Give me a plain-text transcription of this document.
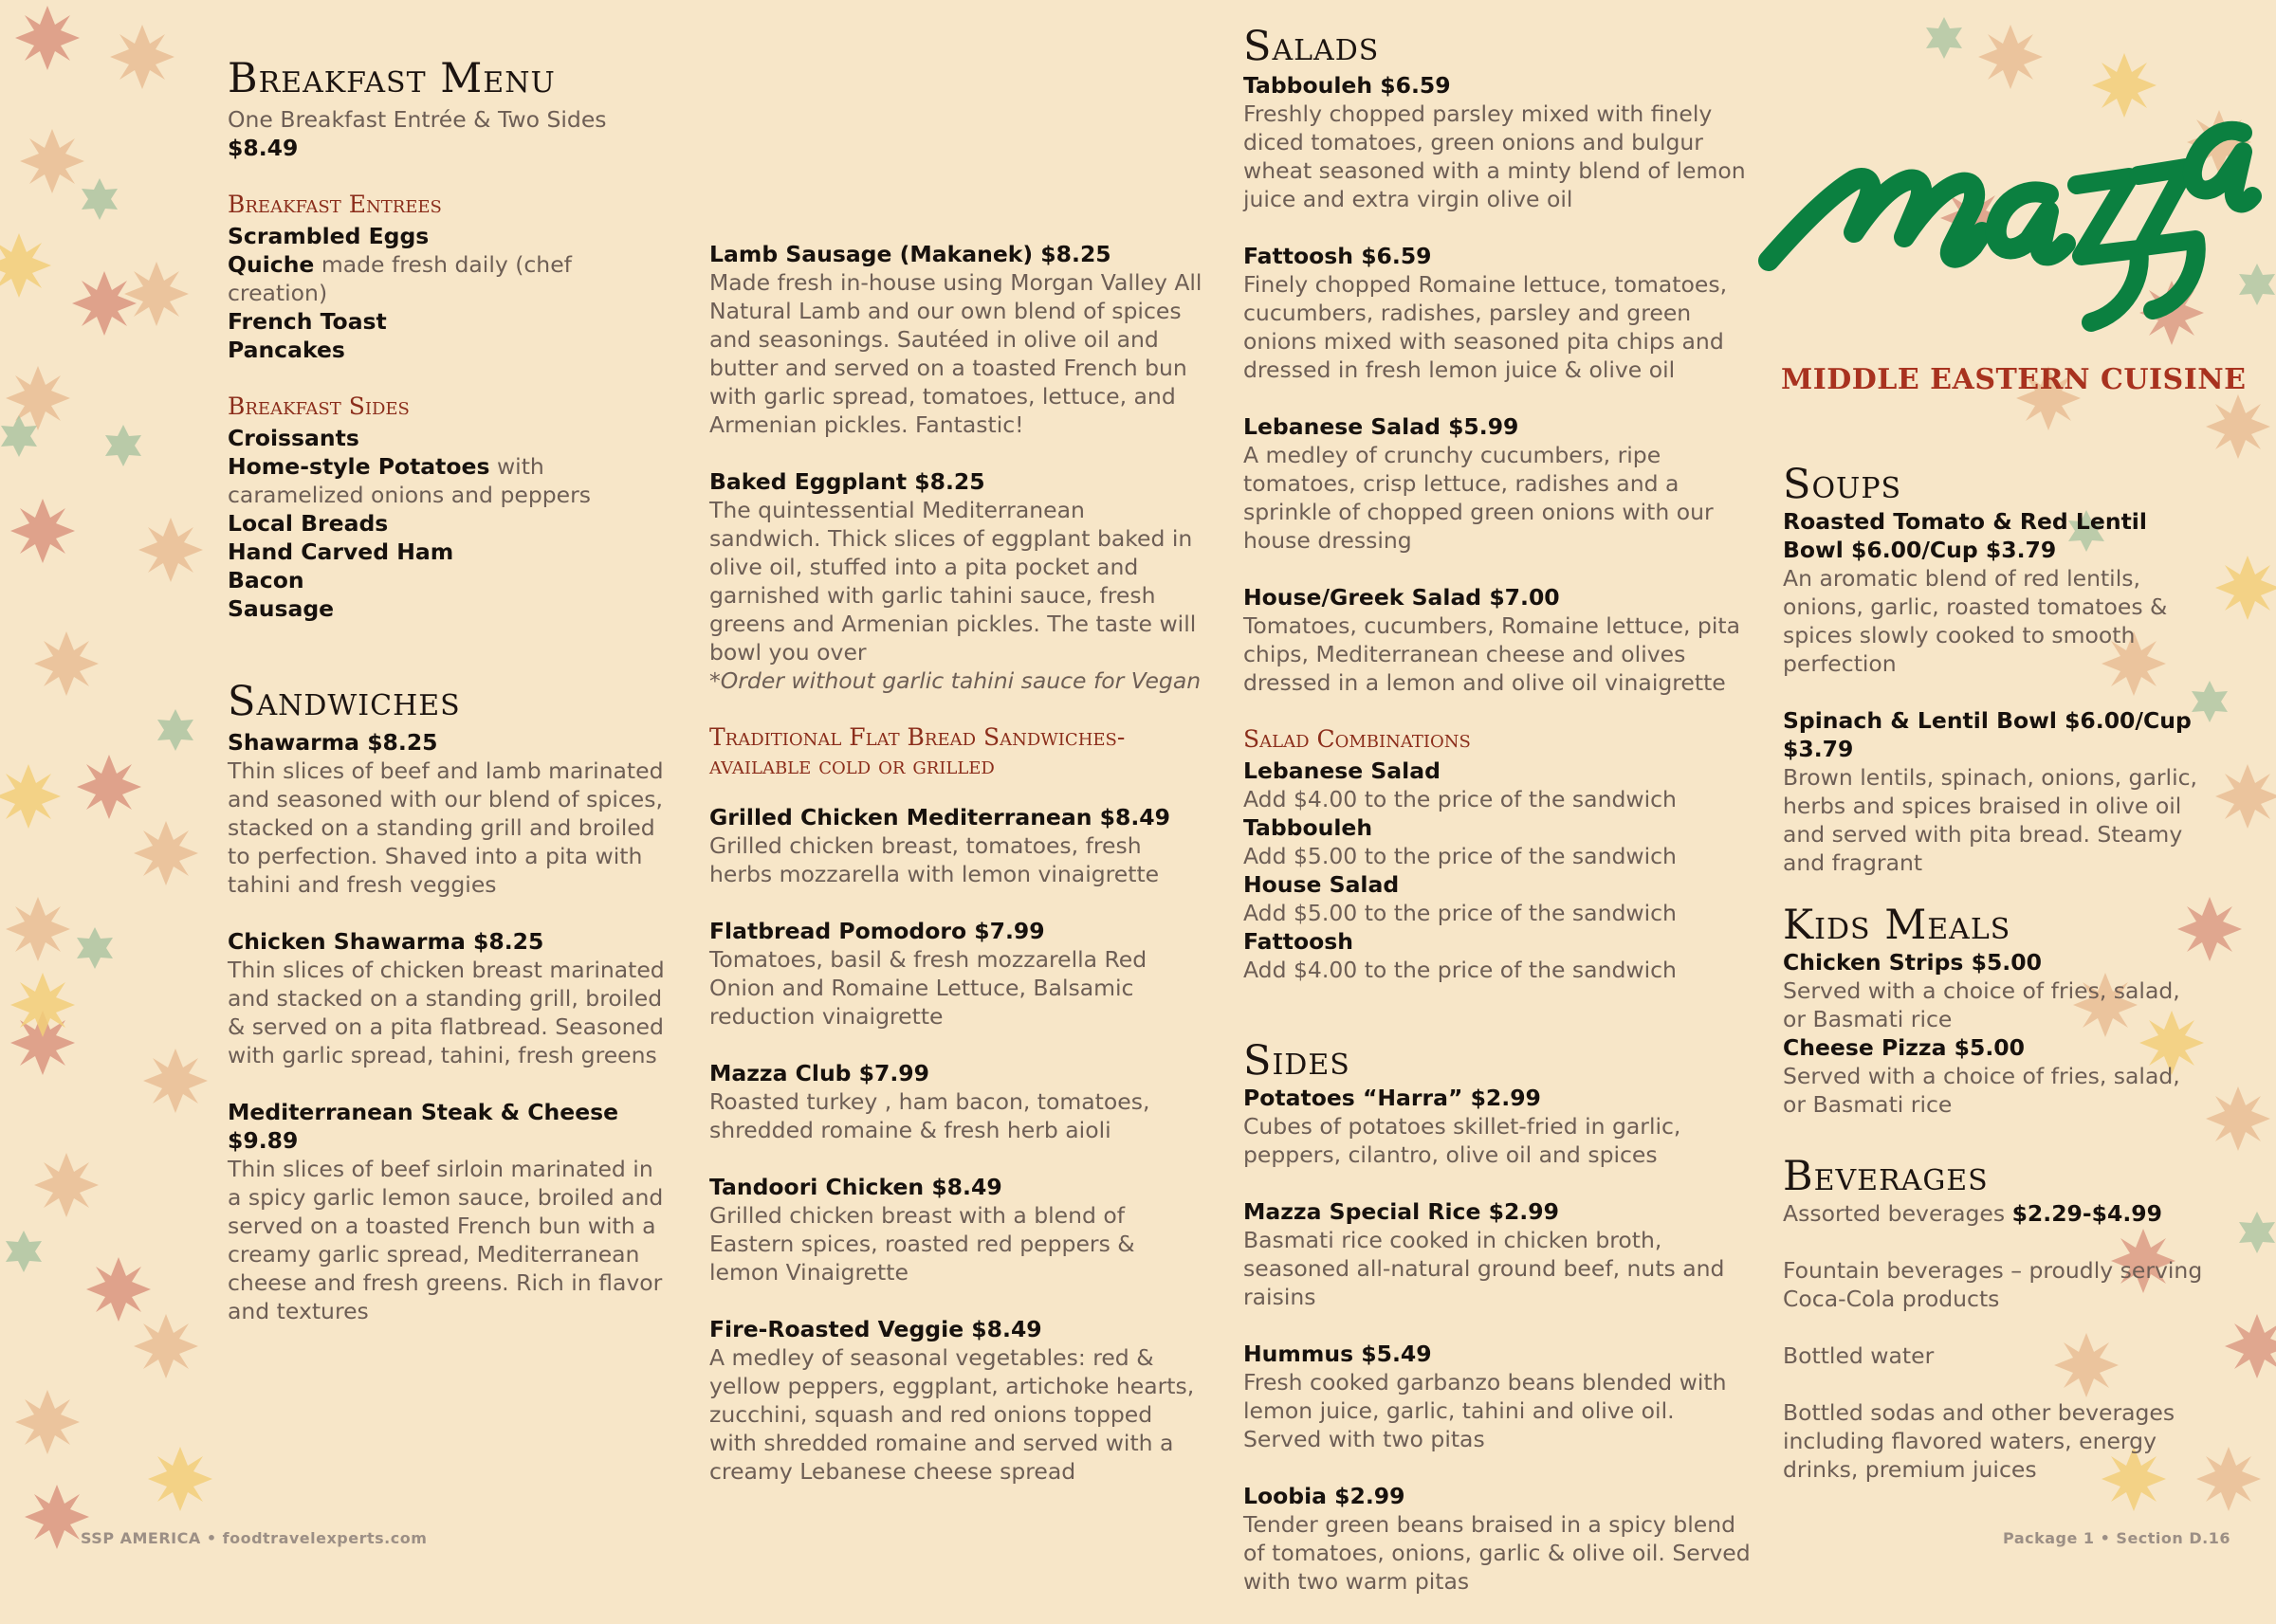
MIDDLE EASTERN CUISINE
Breakfast Menu
One Breakfast Entrée & Two Sides $8.49
Breakfast Entrees
Scrambled Eggs
Quiche made fresh daily (chef creation)
French Toast
Pancakes
Breakfast Sides
Croissants
Home-style Potatoes with caramelized onions and peppers
Local Breads
Hand Carved Ham
Bacon
Sausage
Sandwiches
Shawarma $8.25
Thin slices of beef and lamb marinated and seasoned with our blend of spices, stacked on a standing grill and broiled to perfection. Shaved into a pita with tahini and fresh veggies
Chicken Shawarma $8.25
Thin slices of chicken breast marinated and stacked on a standing grill, broiled & served on a pita flatbread. Seasoned with garlic spread, tahini, fresh greens
Mediterranean Steak & Cheese $9.89
Thin slices of beef sirloin marinated in a spicy garlic lemon sauce, broiled and served on a toasted French bun with a creamy garlic spread, Mediterranean cheese and fresh greens. Rich in flavor and textures
Lamb Sausage (Makanek) $8.25
Made fresh in-house using Morgan Valley All Natural Lamb and our own blend of spices and seasonings. Sautéed in olive oil and butter and served on a toasted French bun with garlic spread, tomatoes, lettuce, and Armenian pickles. Fantastic!
Baked Eggplant $8.25
The quintessential Mediterranean sandwich. Thick slices of eggplant baked in olive oil, stuffed into a pita pocket and garnished with garlic tahini sauce, fresh greens and Armenian pickles. The taste will bowl you over
*Order without garlic tahini sauce for Vegan
Traditional Flat Bread Sandwiches- available cold or grilled
Grilled Chicken Mediterranean $8.49
Grilled chicken breast, tomatoes, fresh herbs mozzarella with lemon vinaigrette
Flatbread Pomodoro $7.99
Tomatoes, basil & fresh mozzarella Red Onion and Romaine Lettuce, Balsamic reduction vinaigrette
Mazza Club $7.99
Roasted turkey , ham bacon, tomatoes, shredded romaine & fresh herb aioli
Tandoori Chicken $8.49
Grilled chicken breast with a blend of Eastern spices, roasted red peppers & lemon Vinaigrette
Fire-Roasted Veggie $8.49
A medley of seasonal vegetables: red & yellow peppers, eggplant, artichoke hearts, zucchini, squash and red onions topped with shredded romaine and served with a creamy Lebanese cheese spread
Salads
Tabbouleh $6.59
Freshly chopped parsley mixed with finely diced tomatoes, green onions and bulgur wheat seasoned with a minty blend of lemon juice and extra virgin olive oil
Fattoosh $6.59
Finely chopped Romaine lettuce, tomatoes, cucumbers, radishes, parsley and green onions mixed with seasoned pita chips and dressed in fresh lemon juice & olive oil
Lebanese Salad $5.99
A medley of crunchy cucumbers, ripe tomatoes, crisp lettuce, radishes and a sprinkle of chopped green onions with our house dressing
House/Greek Salad $7.00
Tomatoes, cucumbers, Romaine lettuce, pita chips, Mediterranean cheese and olives dressed in a lemon and olive oil vinaigrette
Salad Combinations
Lebanese Salad
Add $4.00 to the price of the sandwich
Tabbouleh
Add $5.00 to the price of the sandwich
House Salad
Add $5.00 to the price of the sandwich
Fattoosh
Add $4.00 to the price of the sandwich
Sides
Potatoes “Harra” $2.99
Cubes of potatoes skillet-fried in garlic, peppers, cilantro, olive oil and spices
Mazza Special Rice $2.99
Basmati rice cooked in chicken broth, seasoned all-natural ground beef, nuts and raisins
Hummus $5.49
Fresh cooked garbanzo beans blended with lemon juice, garlic, tahini and olive oil. Served with two pitas
Loobia $2.99
Tender green beans braised in a spicy blend of tomatoes, onions, garlic & olive oil. Served with two warm pitas
Soups
Roasted Tomato & Red Lentil Bowl $6.00/Cup $3.79
An aromatic blend of red lentils, onions, garlic, roasted tomatoes & spices slowly cooked to smooth perfection
Spinach & Lentil Bowl $6.00/Cup $3.79
Brown lentils, spinach, onions, garlic, herbs and spices braised in olive oil and served with pita bread. Steamy and fragrant
Kids Meals
Chicken Strips $5.00
Served with a choice of fries, salad, or Basmati rice
Cheese Pizza $5.00
Served with a choice of fries, salad, or Basmati rice
Beverages
Assorted beverages $2.29-$4.99
Fountain beverages – proudly serving Coca-Cola products
Bottled water
Bottled sodas and other beverages including flavored waters, energy drinks, premium juices
SSP AMERICA • foodtravelexperts.com	Package 1 • Section D.16
